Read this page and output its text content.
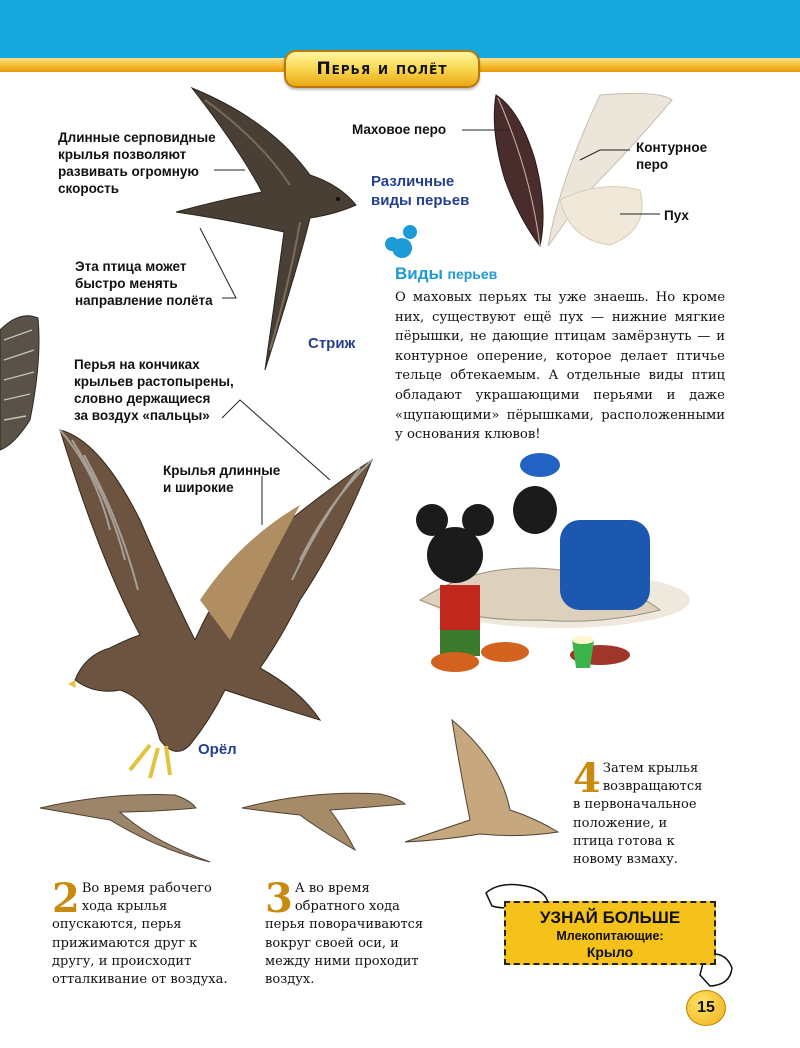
Перья и полёт
Длинные серповидные
крылья позволяют
развивать огромную
скорость
Эта птица может
быстро менять
направление полёта
Стриж
Перья на кончиках
крыльев растопырены,
словно держащиеся
за воздух «пальцы»
Крылья длинные
и широкие
Орёл
Маховое перо
Контурное
перо
Пух
Различные
виды перьев
Виды перьев
О маховых перьях ты уже знаешь. Но кроме них, существуют ещё пух — нижние мягкие пёрышки, не дающие птицам замёрзнуть — и контурное оперение, которое делает птичье тельце обтекаемым. А отдельные виды птиц обладают украшающими перьями и даже «щупающими» пёрышками, расположенными у основания клювов!
2 Во время рабочего хода крылья опускаются, перья прижимаются друг к другу, и происходит отталкивание от воздуха.
3 А во время обратного хода перья поворачиваются вокруг своей оси, и между ними проходит воздух.
4 Затем крылья возвращаются в первоначальное положение, и птица готова к новому взмаху.
УЗНАЙ БОЛЬШЕ
Млекопитающие:
Крыло
15
